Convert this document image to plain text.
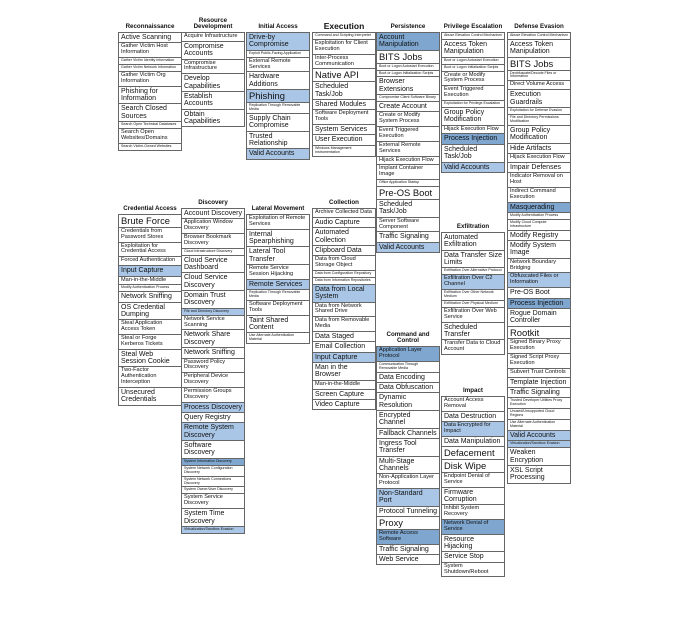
Reconnaissance
Active Scanning
Gather Victim Host Information
Gather Victim Identity Information
Gather Victim Network Information
Gather Victim Org Information
Phishing for Information
Search Closed Sources
Search Open Technical Databases
Search Open Websites/Domains
Search Victim-Owned Websites
Credential Access
Brute Force
Credentials from Password Stores
Exploitation for Credential Access
Forced Authentication
Input Capture
Man-in-the-Middle
Modify Authentication Process
Network Sniffing
OS Credential Dumping
Steal Application Access Token
Steal or Forge Kerberos Tickets
Steal Web Session Cookie
Two-Factor Authentication Interception
Unsecured Credentials
Resource Development
Acquire Infrastructure
Compromise Accounts
Compromise Infrastructure
Develop Capabilities
Establish Accounts
Obtain Capabilities
Discovery
Account Discovery
Application Window Discovery
Browser Bookmark Discovery
Cloud Infrastructure Discovery
Cloud Service Dashboard
Cloud Service Discovery
Domain Trust Discovery
File and Directory Discovery
Network Service Scanning
Network Share Discovery
Network Sniffing
Password Policy Discovery
Peripheral Device Discovery
Permission Groups Discovery
Process Discovery
Query Registry
Remote System Discovery
Software Discovery
System Information Discovery
System Network Configuration Discovery
System Network Connections Discovery
System Owner/User Discovery
System Service Discovery
System Time Discovery
Virtualization/Sandbox Evasion
Initial Access
Drive-by Compromise
Exploit Public-Facing Application
External Remote Services
Hardware Additions
Phishing
Replication Through Removable Media
Supply Chain Compromise
Trusted Relationship
Valid Accounts
Lateral Movement
Exploitation of Remote Services
Internal Spearphishing
Lateral Tool Transfer
Remote Service Session Hijacking
Remote Services
Replication Through Removable Media
Software Deployment Tools
Taint Shared Content
Use Alternate Authentication Material
Execution
Command and Scripting Interpreter
Exploitation for Client Execution
Inter-Process Communication
Native API
Scheduled Task/Job
Shared Modules
Software Deployment Tools
System Services
User Execution
Windows Management Instrumentation
Collection
Archive Collected Data
Audio Capture
Automated Collection
Clipboard Data
Data from Cloud Storage Object
Data from Configuration Repository
Data from Information Repositories
Data from Local System
Data from Network Shared Drive
Data from Removable Media
Data Staged
Email Collection
Input Capture
Man in the Browser
Man-in-the-Middle
Screen Capture
Video Capture
Persistence
Account Manipulation
BITS Jobs
Boot or Logon Autostart Execution
Boot or Logon Initialization Scripts
Browser Extensions
Compromise Client Software Binary
Create Account
Create or Modify System Process
Event Triggered Execution
External Remote Services
Hijack Execution Flow
Implant Container Image
Office Application Startup
Pre-OS Boot
Scheduled Task/Job
Server Software Component
Traffic Signaling
Valid Accounts
Command and Control
Application Layer Protocol
Communication Through Removable Media
Data Encoding
Data Obfuscation
Dynamic Resolution
Encrypted Channel
Fallback Channels
Ingress Tool Transfer
Multi-Stage Channels
Non-Application Layer Protocol
Non-Standard Port
Protocol Tunneling
Proxy
Remote Access Software
Traffic Signaling
Web Service
Privilege Escalation
Abuse Elevation Control Mechanism
Access Token Manipulation
Boot or Logon Autostart Execution
Boot or Logon Initialization Scripts
Create or Modify System Process
Event Triggered Execution
Exploitation for Privilege Escalation
Group Policy Modification
Hijack Execution Flow
Process Injection
Scheduled Task/Job
Valid Accounts
Exfiltration
Automated Exfiltration
Data Transfer Size Limits
Exfiltration Over Alternative Protocol
Exfiltration Over C2 Channel
Exfiltration Over Other Network Medium
Exfiltration Over Physical Medium
Exfiltration Over Web Service
Scheduled Transfer
Transfer Data to Cloud Account
Impact
Account Access Removal
Data Destruction
Data Encrypted for Impact
Data Manipulation
Defacement
Disk Wipe
Endpoint Denial of Service
Firmware Corruption
Inhibit System Recovery
Network Denial of Service
Resource Hijacking
Service Stop
System Shutdown/Reboot
Defense Evasion
Abuse Elevation Control Mechanism
Access Token Manipulation
BITS Jobs
Deobfuscate/Decode Files or Information
Direct Volume Access
Execution Guardrails
Exploitation for Defense Evasion
File and Directory Permissions Modification
Group Policy Modification
Hide Artifacts
Hijack Execution Flow
Impair Defenses
Indicator Removal on Host
Indirect Command Execution
Masquerading
Modify Authentication Process
Modify Cloud Compute Infrastructure
Modify Registry
Modify System Image
Network Boundary Bridging
Obfuscated Files or Information
Pre-OS Boot
Process Injection
Rogue Domain Controller
Rootkit
Signed Binary Proxy Execution
Signed Script Proxy Execution
Subvert Trust Controls
Template Injection
Traffic Signaling
Trusted Developer Utilities Proxy Execution
Unused/Unsupported Cloud Regions
Use Alternate Authentication Material
Valid Accounts
Virtualization/Sandbox Evasion
Weaken Encryption
XSL Script Processing
